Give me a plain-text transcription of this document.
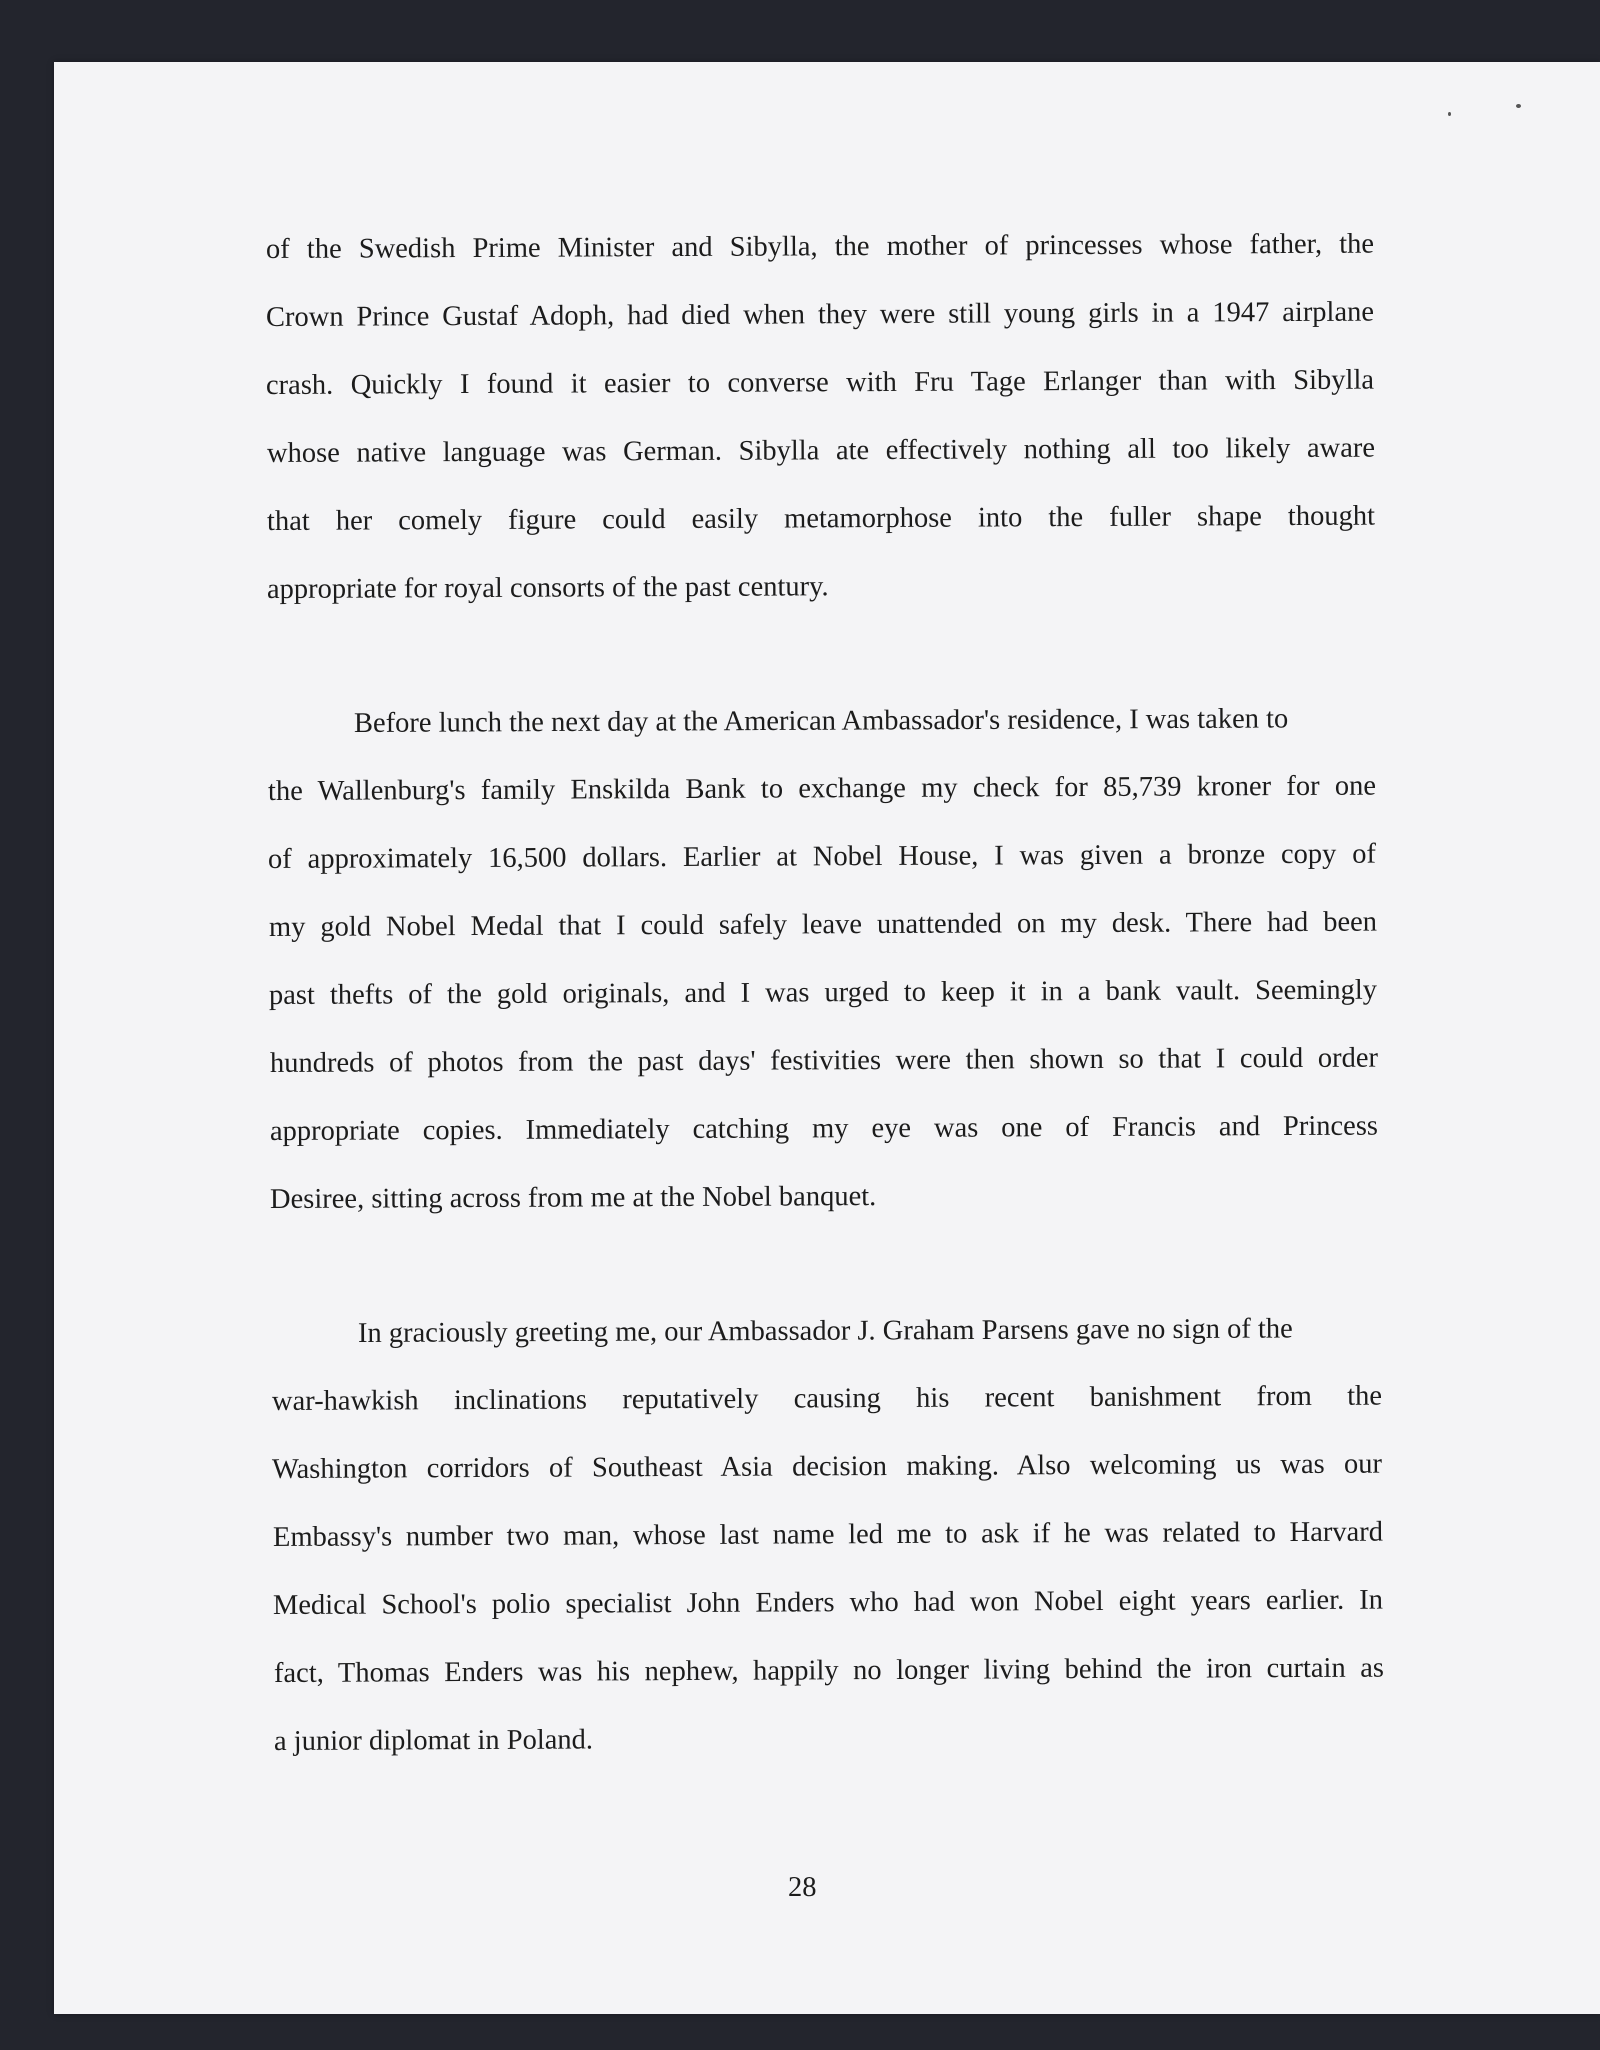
of the Swedish Prime Minister and Sibylla, the mother of princesses whose father, the
Crown Prince Gustaf Adoph, had died when they were still young girls in a 1947 airplane
crash. Quickly I found it easier to converse with Fru Tage Erlanger than with Sibylla
whose native language was German. Sibylla ate effectively nothing all too likely aware
that her comely figure could easily metamorphose into the fuller shape thought
appropriate for royal consorts of the past century.
Before lunch the next day at the American Ambassador's residence, I was taken to
the Wallenburg's family Enskilda Bank to exchange my check for 85,739 kroner for one
of approximately 16,500 dollars. Earlier at Nobel House, I was given a bronze copy of
my gold Nobel Medal that I could safely leave unattended on my desk. There had been
past thefts of the gold originals, and I was urged to keep it in a bank vault. Seemingly
hundreds of photos from the past days' festivities were then shown so that I could order
appropriate copies. Immediately catching my eye was one of Francis and Princess
Desiree, sitting across from me at the Nobel banquet.
In graciously greeting me, our Ambassador J. Graham Parsens gave no sign of the
war-hawkish inclinations reputatively causing his recent banishment from the
Washington corridors of Southeast Asia decision making. Also welcoming us was our
Embassy's number two man, whose last name led me to ask if he was related to Harvard
Medical School's polio specialist John Enders who had won Nobel eight years earlier. In
fact, Thomas Enders was his nephew, happily no longer living behind the iron curtain as
a junior diplomat in Poland.
28
